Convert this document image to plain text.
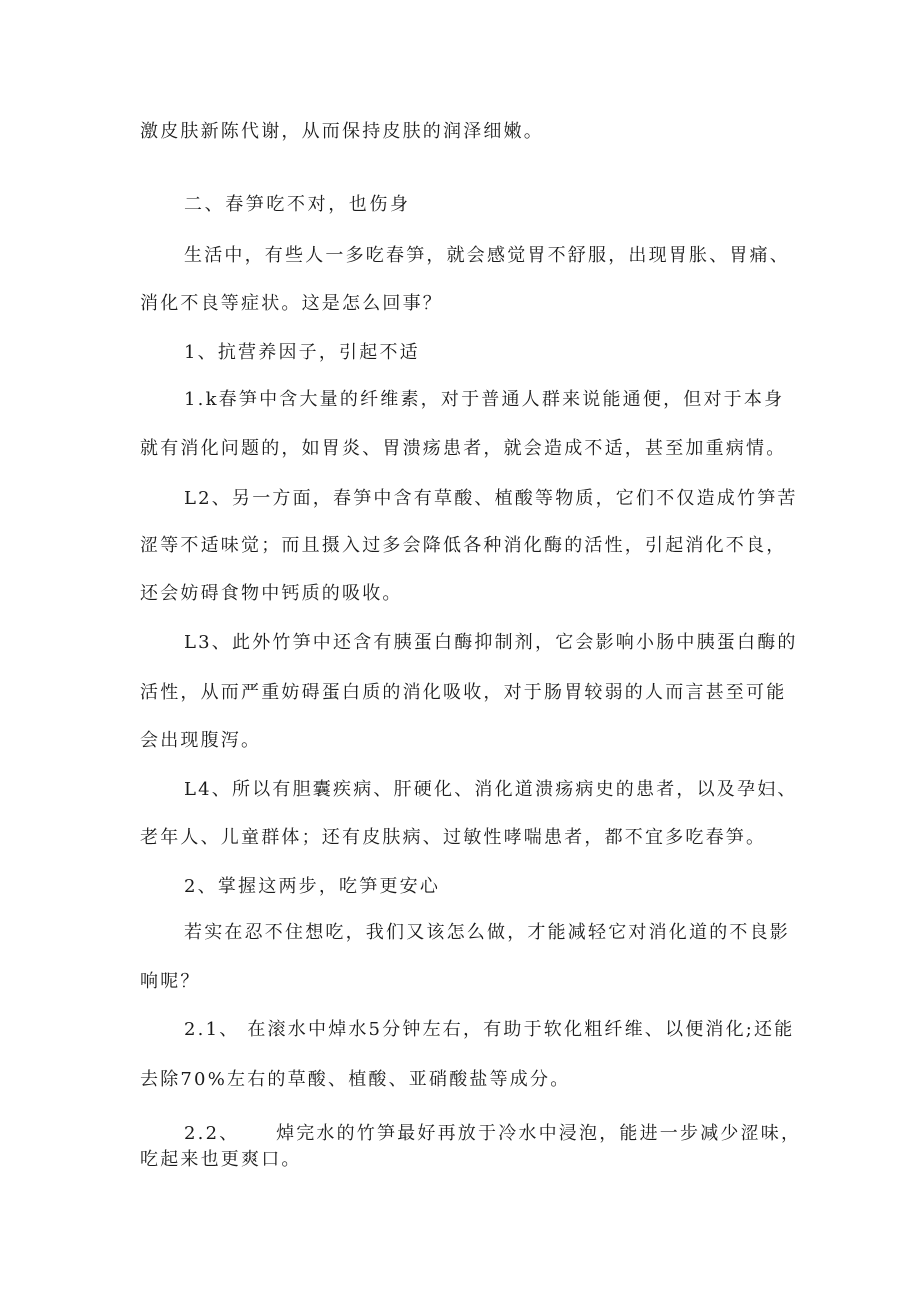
激皮肤新陈代谢，从而保持皮肤的润泽细嫩。
二、春笋吃不对，也伤身
生活中，有些人一多吃春笋，就会感觉胃不舒服，出现胃胀、胃痛、
消化不良等症状。这是怎么回事？
1、抗营养因子，引起不适
1.k春笋中含大量的纤维素，对于普通人群来说能通便，但对于本身
就有消化问题的，如胃炎、胃溃疡患者，就会造成不适，甚至加重病情。
L2、另一方面，春笋中含有草酸、植酸等物质，它们不仅造成竹笋苦
涩等不适味觉；而且摄入过多会降低各种消化酶的活性，引起消化不良，
还会妨碍食物中钙质的吸收。
L3、此外竹笋中还含有胰蛋白酶抑制剂，它会影响小肠中胰蛋白酶的
活性，从而严重妨碍蛋白质的消化吸收，对于肠胃较弱的人而言甚至可能
会出现腹泻。
L4、所以有胆囊疾病、肝硬化、消化道溃疡病史的患者，以及孕妇、
老年人、儿童群体；还有皮肤病、过敏性哮喘患者，都不宜多吃春笋。
2、掌握这两步，吃笋更安心
若实在忍不住想吃，我们又该怎么做，才能减轻它对消化道的不良影
响呢？
2.1、 在滚水中焯水5分钟左右，有助于软化粗纤维、以便消化;还能
去除70%左右的草酸、植酸、亚硝酸盐等成分。
2.2、 焯完水的竹笋最好再放于冷水中浸泡，能进一步减少涩味，
吃起来也更爽口。
